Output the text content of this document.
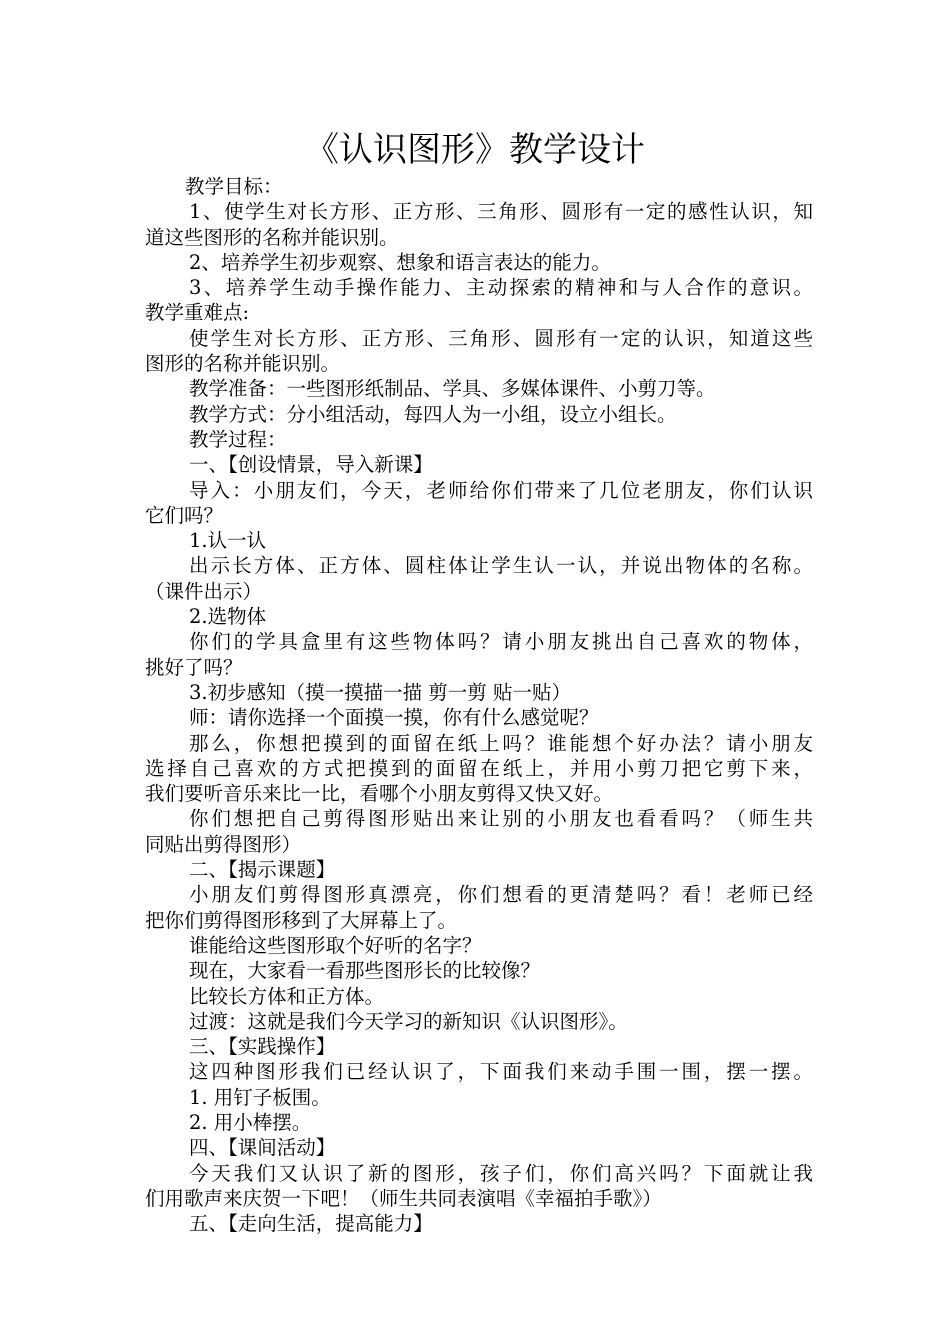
《认识图形》教学设计
教学目标：
1、使学生对长方形、正方形、三角形、圆形有一定的感性认识，知
道这些图形的名称并能识别。
2、培养学生初步观察、想象和语言表达的能力。
3、培养学生动手操作能力、主动探索的精神和与人合作的意识。
教学重难点:
使学生对长方形、正方形、三角形、圆形有一定的认识，知道这些
图形的名称并能识别。
教学准备：一些图形纸制品、学具、多媒体课件、小剪刀等。
教学方式：分小组活动，每四人为一小组，设立小组长。
教学过程：
一、【创设情景，导入新课】
导入：小朋友们，今天，老师给你们带来了几位老朋友，你们认识
它们吗？
1.认一认
出示长方体、正方体、圆柱体让学生认一认，并说出物体的名称。
（课件出示）
2.选物体
你们的学具盒里有这些物体吗？请小朋友挑出自己喜欢的物体，
挑好了吗？
3.初步感知（摸一摸描一描 剪一剪 贴一贴）
师：请你选择一个面摸一摸，你有什么感觉呢？
那么，你想把摸到的面留在纸上吗？谁能想个好办法？请小朋友
选择自己喜欢的方式把摸到的面留在纸上，并用小剪刀把它剪下来，
我们要听音乐来比一比，看哪个小朋友剪得又快又好。
你们想把自己剪得图形贴出来让别的小朋友也看看吗？（师生共
同贴出剪得图形）
二、【揭示课题】
小朋友们剪得图形真漂亮，你们想看的更清楚吗？看！老师已经
把你们剪得图形移到了大屏幕上了。
谁能给这些图形取个好听的名字？
现在，大家看一看那些图形长的比较像？
比较长方体和正方体。
过渡：这就是我们今天学习的新知识《认识图形》。
三、【实践操作】
这四种图形我们已经认识了，下面我们来动手围一围，摆一摆。
1. 用钉子板围。
2. 用小棒摆。
四、【课间活动】
今天我们又认识了新的图形，孩子们，你们高兴吗？下面就让我
们用歌声来庆贺一下吧！（师生共同表演唱《幸福拍手歌》）
五、【走向生活，提高能力】
